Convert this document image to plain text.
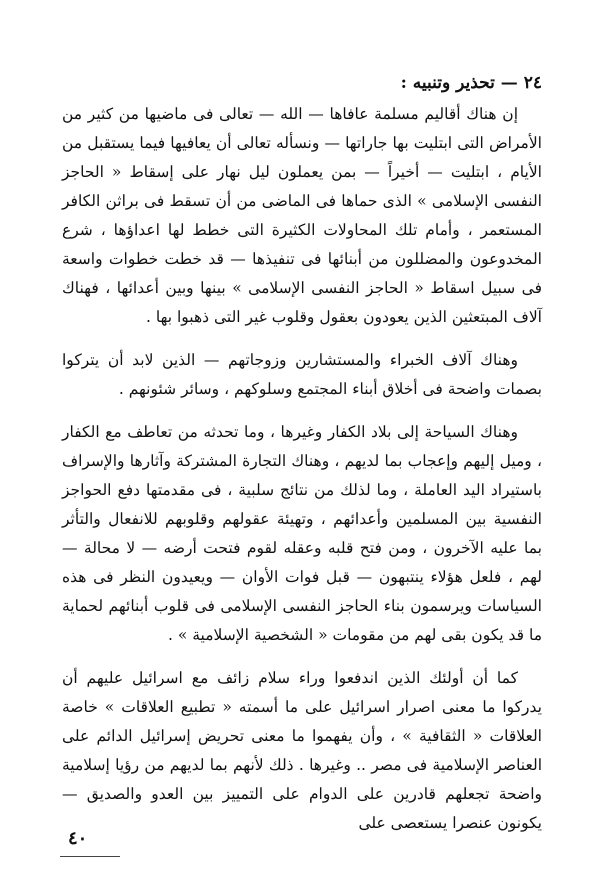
٢٤ — تحذير وتنبيه :

إن هناك أقاليم مسلمة عافاها — الله — تعالى فى ماضيها من كثير من الأمراض التى ابتليت بها جاراتها — ونسأله تعالى أن يعافيها فيما يستقبل من الأيام ، ابتليت — أخيراً — بمن يعملون ليل نهار على إسقاط « الحاجز النفسى الإسلامى » الذى حماها فى الماضى من أن تسقط فى براثن الكافر المستعمر ، وأمام تلك المحاولات الكثيرة التى خطط لها اعداؤها ، شرع المخدوعون والمضللون من أبنائها فى تنفيذها — قد خطت خطوات واسعة فى سبيل اسقاط « الحاجز النفسى الإسلامى » بينها وبين أعدائها ، فهناك آلاف المبتعثين الذين يعودون بعقول وقلوب غير التى ذهبوا بها .

وهناك آلاف الخبراء والمستشارين وزوجاتهم — الذين لابد أن يتركوا بصمات واضحة فى أخلاق أبناء المجتمع وسلوكهم ، وسائر شئونهم .

وهناك السياحة إلى بلاد الكفار وغيرها ، وما تحدثه من تعاطف مع الكفار ، وميل إليهم وإعجاب بما لديهم ، وهناك التجارة المشتركة وآثارها والإسراف باستيراد اليد العاملة ، وما لذلك من نتائج سلبية ، فى مقدمتها دفع الحواجز النفسية بين المسلمين وأعدائهم ، وتهيئة عقولهم وقلوبهم للانفعال والتأثر بما عليه الآخرون ، ومن فتح قلبه وعقله لقوم فتحت أرضه — لا محالة — لهم ، فلعل هؤلاء ينتبهون — قبل فوات الأوان — ويعيدون النظر فى هذه السياسات ويرسمون بناء الحاجز النفسى الإسلامى فى قلوب أبنائهم لحماية ما قد يكون بقى لهم من مقومات « الشخصية الإسلامية » .

كما أن أولئك الذين اندفعوا وراء سلام زائف مع اسرائيل عليهم أن يدركوا ما معنى اصرار اسرائيل على ما أسمته « تطبيع العلاقات » خاصة العلاقات « الثقافية » ، وأن يفهموا ما معنى تحريض إسرائيل الدائم على العناصر الإسلامية فى مصر .. وغيرها . ذلك لأنهم بما لديهم من رؤيا إسلامية واضحة تجعلهم قادرين على الدوام على التمييز بين العدو والصديق — يكونون عنصرا يستعصى على

٤٠
